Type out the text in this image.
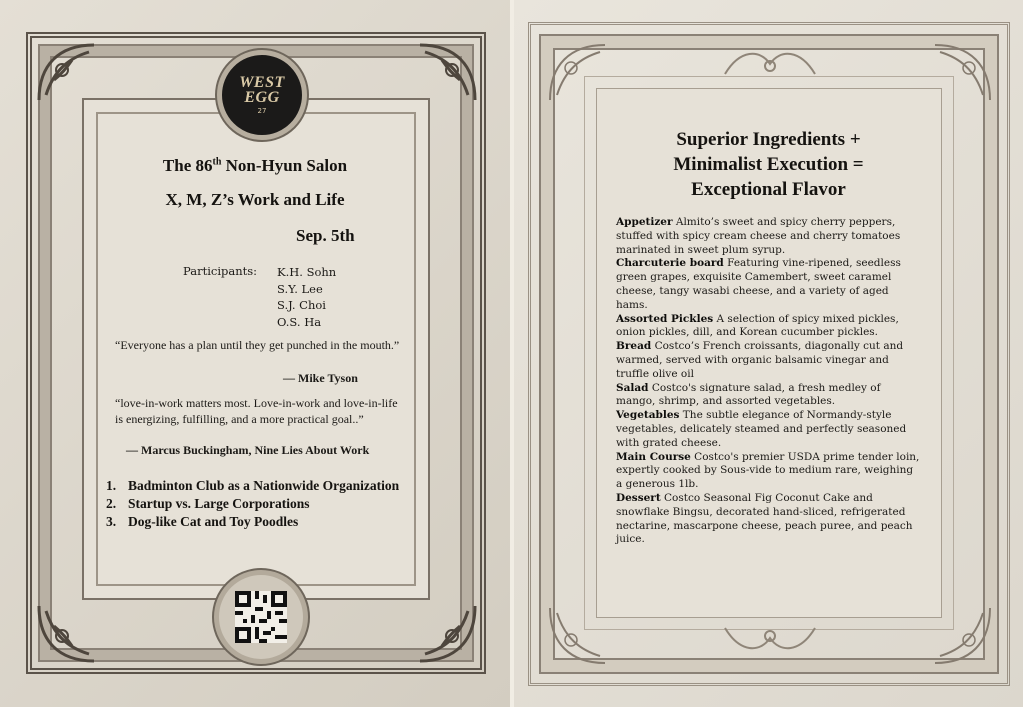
WEST
EGG
27
The 86th Non-Hyun Salon
X, M, Z’s Work and Life
Sep. 5th
Participants:	K.H. Sohn
S.Y. Lee
S.J. Choi
O.S. Ha
“Everyone has a plan until they get punched in the mouth.”
— Mike Tyson
“love-in-work matters most. Love-in-work and love-in-life is energizing, fulfilling, and a more practical goal..”
— Marcus Buckingham, Nine Lies About Work
1. Badminton Club as a Nationwide Organization
2. Startup vs. Large Corporations
3. Dog-like Cat and Toy Poodles
Superior Ingredients +
Minimalist Execution =
Exceptional Flavor

Appetizer Almito’s sweet and spicy cherry peppers, stuffed with spicy cream cheese and cherry tomatoes marinated in sweet plum syrup.

Charcuterie board Featuring vine-ripened, seedless green grapes, exquisite Camembert, sweet caramel cheese, tangy wasabi cheese, and a variety of aged hams.

Assorted Pickles A selection of spicy mixed pickles, onion pickles, dill, and Korean cucumber pickles.

Bread Costco’s French croissants, diagonally cut and warmed, served with organic balsamic vinegar and truffle olive oil

Salad Costco's signature salad, a fresh medley of mango, shrimp, and assorted vegetables.

Vegetables The subtle elegance of Normandy-style vegetables, delicately steamed and perfectly seasoned with grated cheese.

Main Course Costco's premier USDA prime tender loin, expertly cooked by Sous-vide to medium rare, weighing a generous 1lb.

Dessert Costco Seasonal Fig Coconut Cake and snowflake Bingsu, decorated hand-sliced, refrigerated nectarine, mascarpone cheese, peach puree, and peach juice.
